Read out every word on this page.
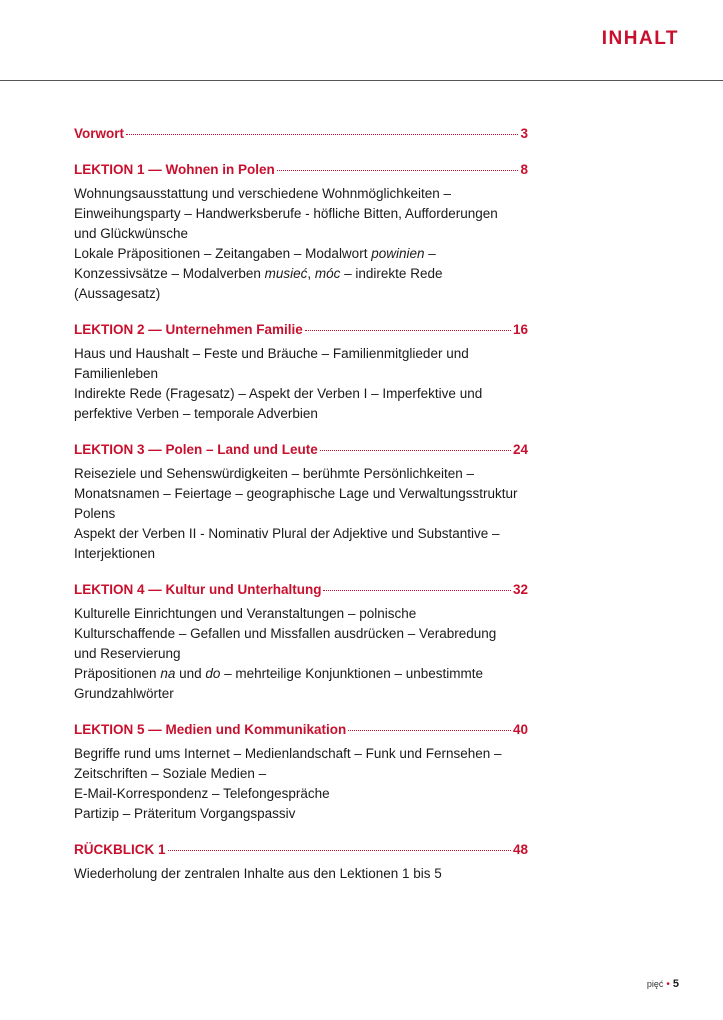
INHALT
Vorwort	3
LEKTION 1 — Wohnen in Polen	8
Wohnungsausstattung und verschiedene Wohnmöglichkeiten –
Einweihungsparty – Handwerksberufe - höfliche Bitten, Aufforderungen
und Glückwünsche
Lokale Präpositionen – Zeitangaben – Modalwort powinien –
Konzessivsätze – Modalverben musieć, móc – indirekte Rede
(Aussagesatz)
LEKTION 2 — Unternehmen Familie	16
Haus und Haushalt – Feste und Bräuche – Familienmitglieder und
Familienleben
Indirekte Rede (Fragesatz) – Aspekt der Verben I – Imperfektive und
perfektive Verben – temporale Adverbien
LEKTION 3 — Polen – Land und Leute	24
Reiseziele und Sehenswürdigkeiten – berühmte Persönlichkeiten –
Monatsnamen – Feiertage – geographische Lage und Verwaltungsstruktur
Polens
Aspekt der Verben II - Nominativ Plural der Adjektive und Substantive –
Interjektionen
LEKTION 4 — Kultur und Unterhaltung	32
Kulturelle Einrichtungen und Veranstaltungen – polnische
Kulturschaffende – Gefallen und Missfallen ausdrücken – Verabredung
und Reservierung
Präpositionen na und do – mehrteilige Konjunktionen – unbestimmte
Grundzahlwörter
LEKTION 5 — Medien und Kommunikation	40
Begriffe rund ums Internet – Medienlandschaft – Funk und Fernsehen –
Zeitschriften – Soziale Medien –
E-Mail-Korrespondenz – Telefongespräche
Partizip – Präteritum Vorgangspassiv
RÜCKBLICK 1	48
Wiederholung der zentralen Inhalte aus den Lektionen 1 bis 5
pięć • 5
